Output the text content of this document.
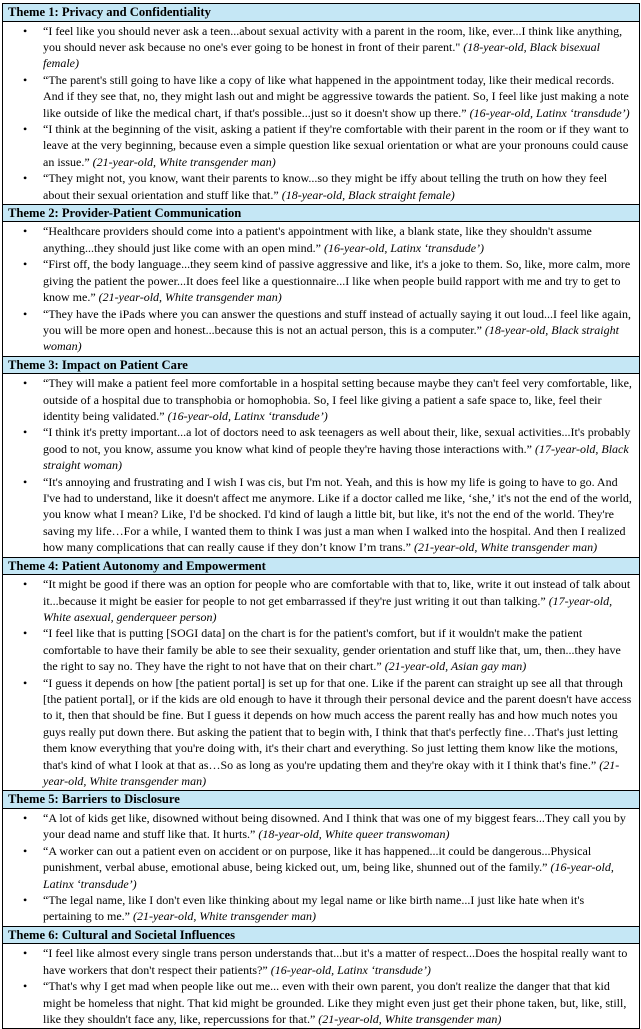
Theme 1: Privacy and Confidentiality
• “I feel like you should never ask a teen...about sexual activity with a parent in the room, like, ever...I think like anything, you should never ask because no one's ever going to be honest in front of their parent." (18-year-old, Black bisexual female)
• “The parent's still going to have like a copy of like what happened in the appointment today, like their medical records. And if they see that, no, they might lash out and might be aggressive towards the patient. So, I feel like just making a note like outside of like the medical chart, if that's possible...just so it doesn't show up there.” (16-year-old, Latinx ‘transdude’)
• “I think at the beginning of the visit, asking a patient if they're comfortable with their parent in the room or if they want to leave at the very beginning, because even a simple question like sexual orientation or what are your pronouns could cause an issue.” (21-year-old, White transgender man)
• “They might not, you know, want their parents to know...so they might be iffy about telling the truth on how they feel about their sexual orientation and stuff like that.” (18-year-old, Black straight female)
Theme 2: Provider-Patient Communication
• “Healthcare providers should come into a patient's appointment with like, a blank state, like they shouldn't assume anything...they should just like come with an open mind.” (16-year-old, Latinx ‘transdude’)
• “First off, the body language...they seem kind of passive aggressive and like, it's a joke to them. So, like, more calm, more giving the patient the power...It does feel like a questionnaire...I like when people build rapport with me and try to get to know me.” (21-year-old, White transgender man)
• “They have the iPads where you can answer the questions and stuff instead of actually saying it out loud...I feel like again, you will be more open and honest...because this is not an actual person, this is a computer.” (18-year-old, Black straight woman)
Theme 3: Impact on Patient Care
• “They will make a patient feel more comfortable in a hospital setting because maybe they can't feel very comfortable, like, outside of a hospital due to transphobia or homophobia. So, I feel like giving a patient a safe space to, like, feel their identity being validated.” (16-year-old, Latinx ‘transdude’)
• “I think it's pretty important...a lot of doctors need to ask teenagers as well about their, like, sexual activities...It's probably good to not, you know, assume you know what kind of people they're having those interactions with.” (17-year-old, Black straight woman)
• “It's annoying and frustrating and I wish I was cis, but I'm not. Yeah, and this is how my life is going to have to go. And I've had to understand, like it doesn't affect me anymore. Like if a doctor called me like, ‘she,’ it's not the end of the world, you know what I mean? Like, I'd be shocked. I'd kind of laugh a little bit, but like, it's not the end of the world. They're saving my life…For a while, I wanted them to think I was just a man when I walked into the hospital. And then I realized how many complications that can really cause if they don’t know I’m trans.” (21-year-old, White transgender man)
Theme 4: Patient Autonomy and Empowerment
• “It might be good if there was an option for people who are comfortable with that to, like, write it out instead of talk about it...because it might be easier for people to not get embarrassed if they're just writing it out than talking.” (17-year-old, White asexual, genderqueer person)
• “I feel like that is putting [SOGI data] on the chart is for the patient's comfort, but if it wouldn't make the patient comfortable to have their family be able to see their sexuality, gender orientation and stuff like that, um, then...they have the right to say no. They have the right to not have that on their chart.” (21-year-old, Asian gay man)
• “I guess it depends on how [the patient portal] is set up for that one. Like if the parent can straight up see all that through [the patient portal], or if the kids are old enough to have it through their personal device and the parent doesn't have access to it, then that should be fine. But I guess it depends on how much access the parent really has and how much notes you guys really put down there. But asking the patient that to begin with, I think that that's perfectly fine…That's just letting them know everything that you're doing with, it's their chart and everything. So just letting them know like the motions, that's kind of what I look at that as…So as long as you're updating them and they're okay with it I think that's fine.” (21-year-old, White transgender man)
Theme 5: Barriers to Disclosure
• “A lot of kids get like, disowned without being disowned. And I think that was one of my biggest fears...They call you by your dead name and stuff like that. It hurts.” (18-year-old, White queer transwoman)
• “A worker can out a patient even on accident or on purpose, like it has happened...it could be dangerous...Physical punishment, verbal abuse, emotional abuse, being kicked out, um, being like, shunned out of the family.” (16-year-old, Latinx ‘transdude’)
• “The legal name, like I don't even like thinking about my legal name or like birth name...I just like hate when it's pertaining to me.” (21-year-old, White transgender man)
Theme 6: Cultural and Societal Influences
• “I feel like almost every single trans person understands that...but it's a matter of respect...Does the hospital really want to have workers that don't respect their patients?” (16-year-old, Latinx ‘transdude’)
• “That's why I get mad when people like out me... even with their own parent, you don't realize the danger that that kid might be homeless that night. That kid might be grounded. Like they might even just get their phone taken, but, like, still, like they shouldn't face any, like, repercussions for that.” (21-year-old, White transgender man)
